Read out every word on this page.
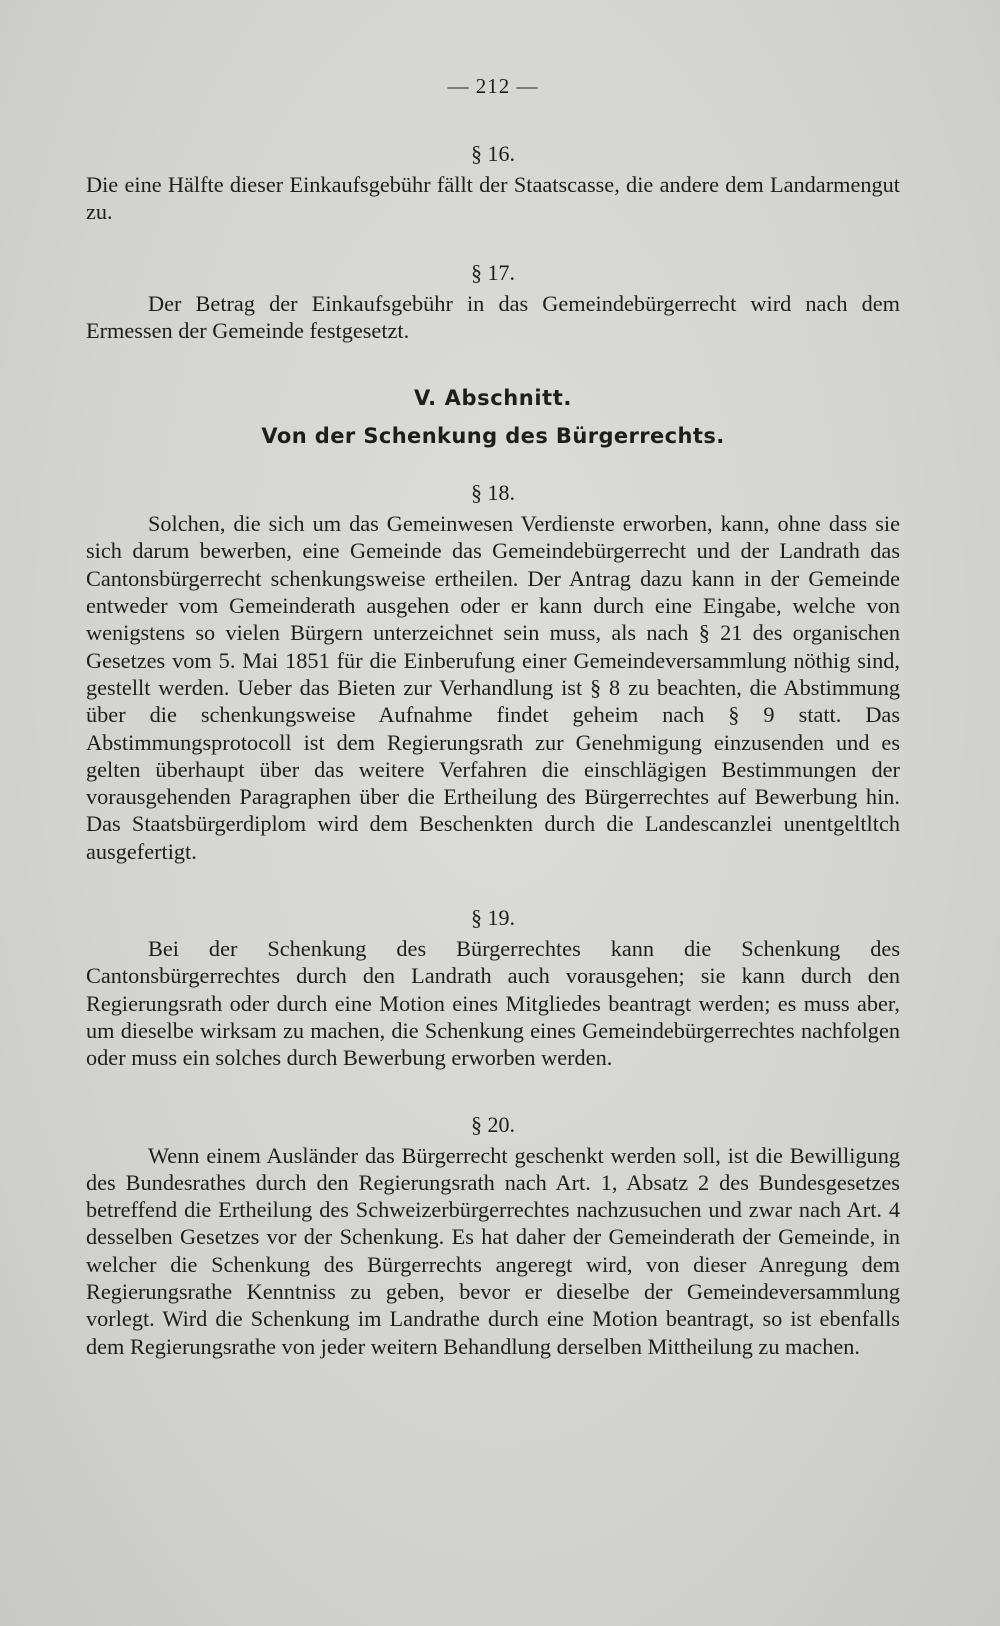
— 212 —
§ 16.

Die eine Hälfte dieser Einkaufsgebühr fällt der Staatscasse, die andere dem Landarmengut zu.

§ 17.

Der Betrag der Einkaufsgebühr in das Gemeindebürgerrecht wird nach dem Ermessen der Gemeinde festgesetzt.

V. Abschnitt.
Von der Schenkung des Bürgerrechts.
§ 18.

Solchen, die sich um das Gemeinwesen Verdienste erworben, kann, ohne dass sie sich darum bewerben, eine Gemeinde das Gemeindebürgerrecht und der Landrath das Cantonsbürgerrecht schenkungsweise ertheilen. Der Antrag dazu kann in der Gemeinde entweder vom Gemeinderath ausgehen oder er kann durch eine Eingabe, welche von wenigstens so vielen Bürgern unterzeichnet sein muss, als nach § 21 des organischen Gesetzes vom 5. Mai 1851 für die Einberufung einer Gemeindeversammlung nöthig sind, gestellt werden. Ueber das Bieten zur Verhandlung ist § 8 zu beachten, die Abstimmung über die schenkungsweise Aufnahme findet geheim nach § 9 statt. Das Abstimmungsprotocoll ist dem Regierungsrath zur Genehmigung einzusenden und es gelten überhaupt über das weitere Verfahren die einschlägigen Bestimmungen der vorausgehenden Paragraphen über die Ertheilung des Bürgerrechtes auf Bewerbung hin. Das Staatsbürgerdiplom wird dem Beschenkten durch die Landescanzlei unentgeltltch ausgefertigt.

§ 19.

Bei der Schenkung des Bürgerrechtes kann die Schenkung des Cantonsbürgerrechtes durch den Landrath auch vorausgehen; sie kann durch den Regierungsrath oder durch eine Motion eines Mitgliedes beantragt werden; es muss aber, um dieselbe wirksam zu machen, die Schenkung eines Gemeindebürgerrechtes nachfolgen oder muss ein solches durch Bewerbung erworben werden.

§ 20.

Wenn einem Ausländer das Bürgerrecht geschenkt werden soll, ist die Bewilligung des Bundesrathes durch den Regierungsrath nach Art. 1, Absatz 2 des Bundesgesetzes betreffend die Ertheilung des Schweizerbürgerrechtes nachzusuchen und zwar nach Art. 4 desselben Gesetzes vor der Schenkung. Es hat daher der Gemeinderath der Gemeinde, in welcher die Schenkung des Bürgerrechts angeregt wird, von dieser Anregung dem Regierungsrathe Kenntniss zu geben, bevor er dieselbe der Gemeindeversammlung vorlegt. Wird die Schenkung im Landrathe durch eine Motion beantragt, so ist ebenfalls dem Regierungsrathe von jeder weitern Behandlung derselben Mittheilung zu machen.
